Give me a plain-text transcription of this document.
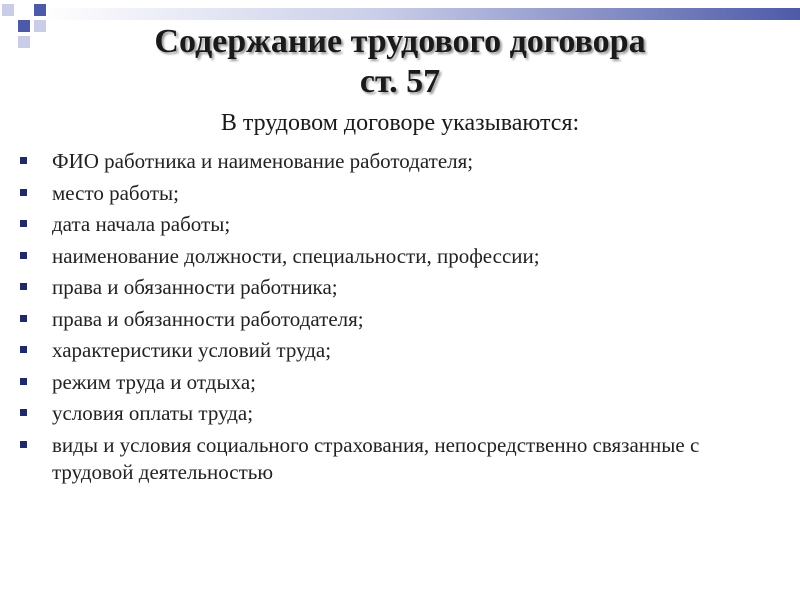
Содержание трудового договора
ст. 57
В трудовом договоре указываются:
ФИО работника и наименование работодателя;
место работы;
дата начала работы;
наименование должности, специальности, профессии;
права и обязанности работника;
права и обязанности работодателя;
характеристики условий труда;
режим труда и отдыха;
условия оплаты труда;
виды и условия социального страхования, непосредственно связанные с трудовой деятельностью
